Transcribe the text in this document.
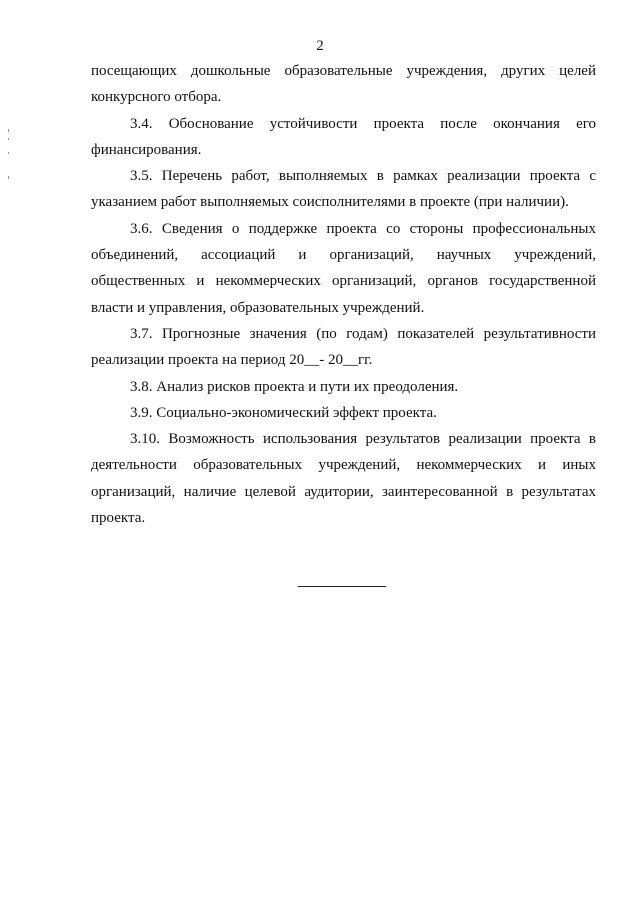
2

посещающих дошкольные образовательные учреждения, других целей конкурсного отбора.

3.4. Обоснование устойчивости проекта после окончания его финансирования.

3.5. Перечень работ, выполняемых в рамках реализации проекта с указанием работ выполняемых соисполнителями в проекте (при наличии).

3.6. Сведения о поддержке проекта со стороны профессиональных объединений, ассоциаций и организаций, научных учреждений, общественных и некоммерческих организаций, органов государственной власти и управления, образовательных учреждений.

3.7. Прогнозные значения (по годам) показателей результативности реализации проекта на период 20__- 20__гг.

3.8. Анализ рисков проекта и пути их преодоления.

3.9. Социально-экономический эффект проекта.

3.10. Возможность использования результатов реализации проекта в деятельности образовательных учреждений, некоммерческих и иных организаций, наличие целевой аудитории, заинтересованной в результатах проекта.
